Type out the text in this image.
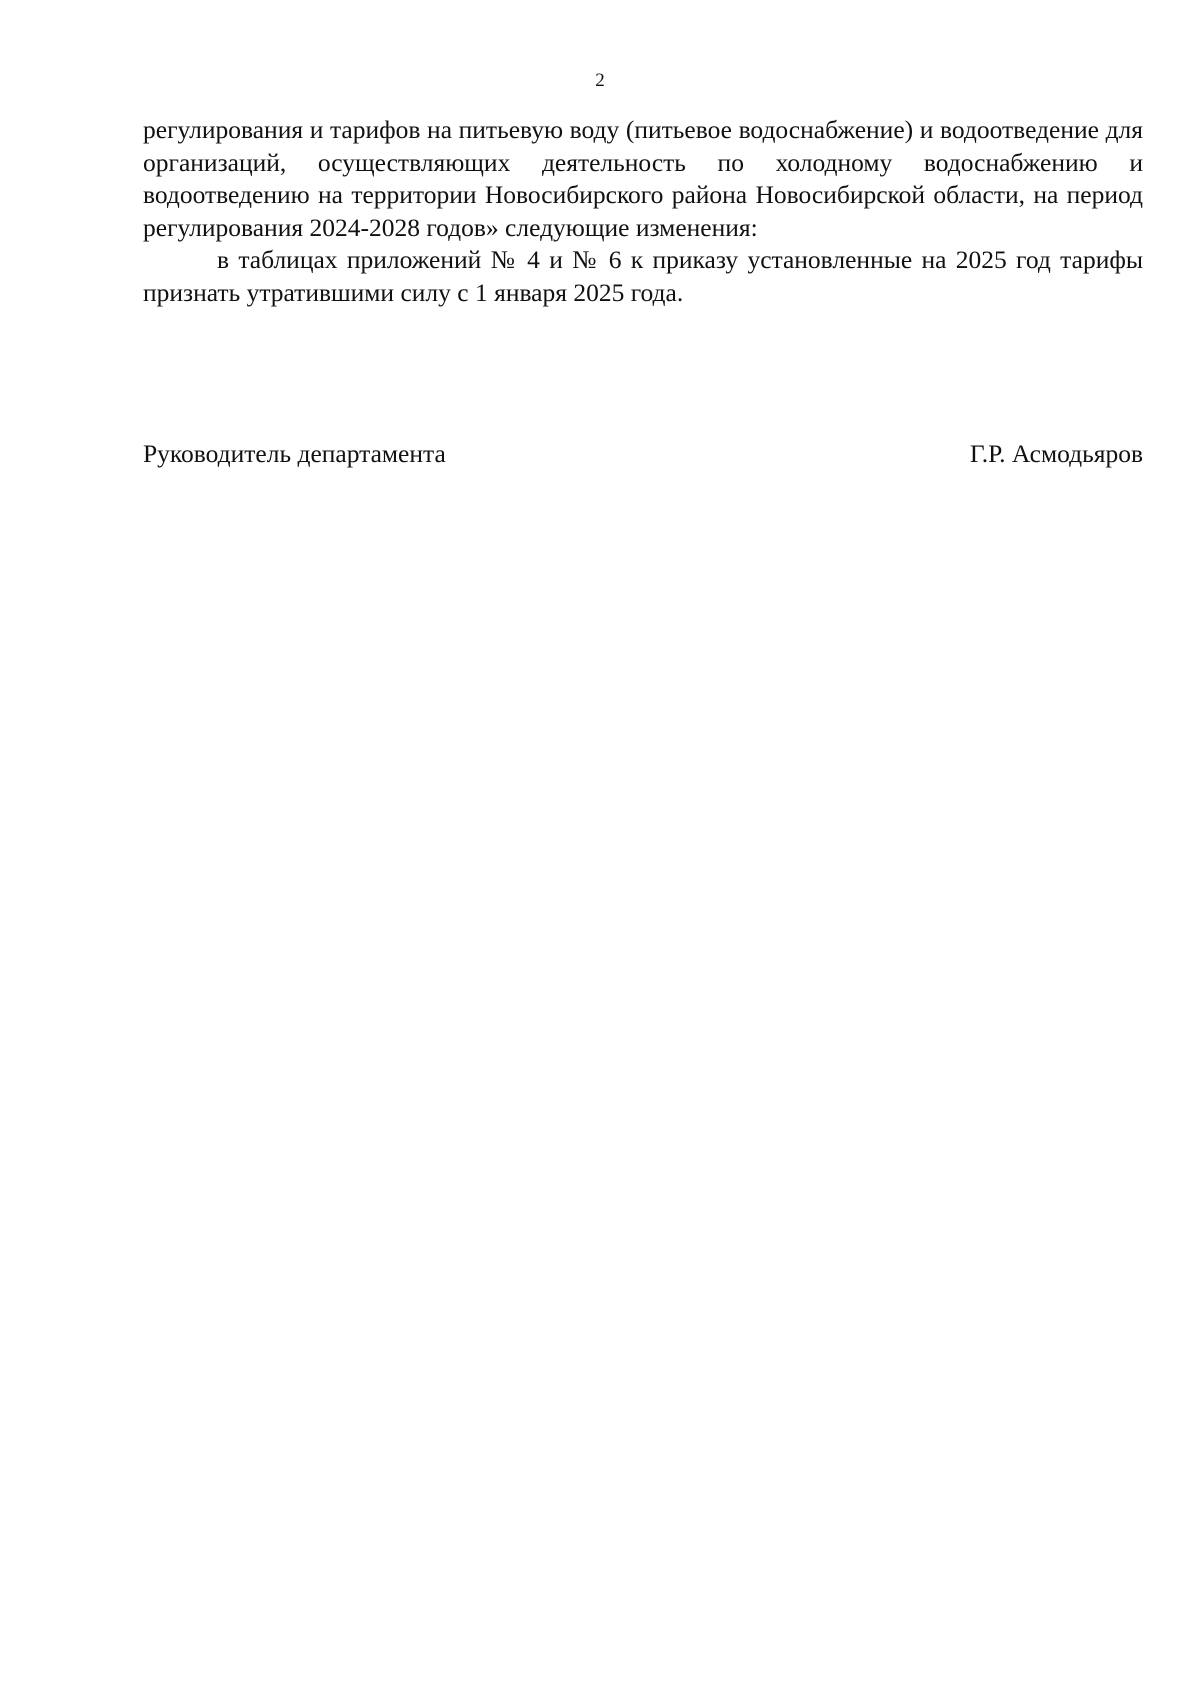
2

регулирования и тарифов на питьевую воду (питьевое водоснабжение) и водоотведение для организаций, осуществляющих деятельность по холодному водоснабжению и водоотведению на территории Новосибирского района Новосибирской области, на период регулирования 2024-2028 годов» следующие изменения:

в таблицах приложений № 4 и № 6 к приказу установленные на 2025 год тарифы признать утратившими силу с 1 января 2025 года.

Руководитель департамента	Г.Р. Асмодьяров
